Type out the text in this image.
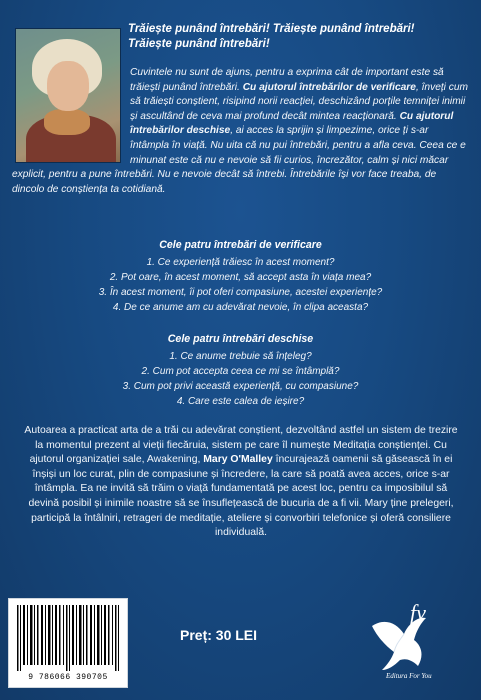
Trăiește punând întrebări! Trăiește punând întrebări!
Trăiește punând întrebări!
Cuvintele nu sunt de ajuns, pentru a exprima cât de important este să trăiești punând întrebări. Cu ajutorul întrebărilor de verificare, înveți cum să trăiești conștient, risipind norii reacției, deschizând porțile temniței inimii și ascultând de ceva mai profund decât mintea reacționară. Cu ajutorul întrebărilor deschise, ai acces la sprijin și limpezime, orice ți s-ar întâmpla în viață. Nu uita că nu pui întrebări, pentru a afla ceva. Ceea ce e minunat este că nu e nevoie să fii curios, încrezător, calm și nici măcar explicit, pentru a pune întrebări. Nu e nevoie decât să întrebi. Întrebările își vor face treaba, de dincolo de conștiența ta cotidiană.
Cele patru întrebări de verificare

1. Ce experiență trăiesc în acest moment?

2. Pot oare, în acest moment, să accept asta în viața mea?

3. În acest moment, îi pot oferi compasiune, acestei experiențe?

4. De ce anume am cu adevărat nevoie, în clipa aceasta?

Cele patru întrebări deschise

1. Ce anume trebuie să înțeleg?

2. Cum pot accepta ceea ce mi se întâmplă?

3. Cum pot privi această experiență, cu compasiune?

4. Care este calea de ieșire?

Autoarea a practicat arta de a trăi cu adevărat conștient, dezvoltând astfel un sistem de trezire la momentul prezent al vieții fiecăruia, sistem pe care îl numește Meditația conștienței. Cu ajutorul organizației sale, Awakening, Mary O'Malley încurajează oamenii să găsească în ei înșiși un loc curat, plin de compasiune și încredere, la care să poată avea acces, orice s-ar întâmpla. Ea ne invită să trăim o viață fundamentată pe acest loc, pentru ca imposibilul să devină posibil și inimile noastre să se însuflețească de bucuria de a fi vii. Mary ține prelegeri, participă la întâlniri, retrageri de meditație, ateliere și convorbiri telefonice și oferă consiliere individuală.
9 786066 390705
Preț: 30 LEI
fy
Editura For You
